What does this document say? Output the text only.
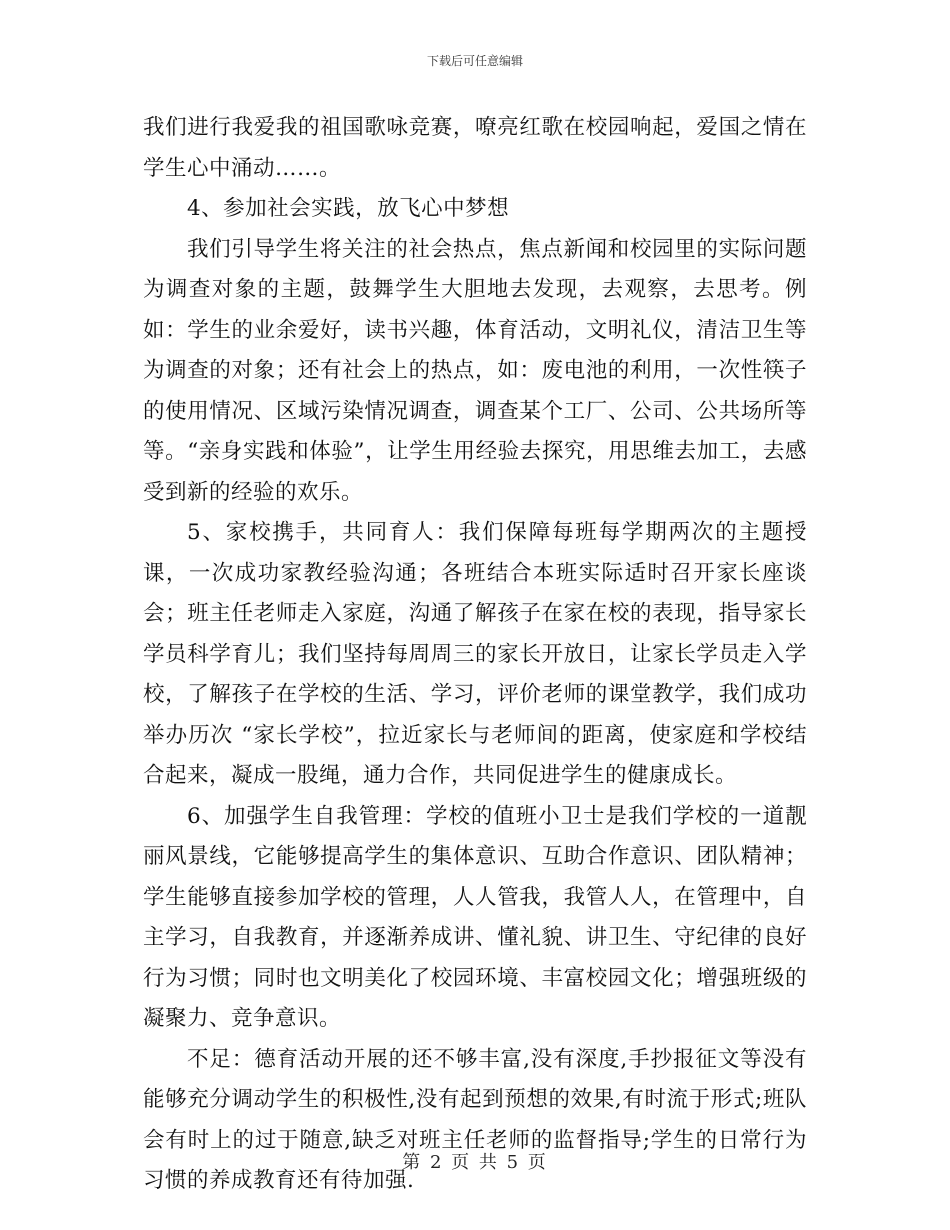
下载后可任意编辑

我们进行我爱我的祖国歌咏竞赛，嘹亮红歌在校园响起，爱国之情在学生心中涌动……。

4、参加社会实践，放飞心中梦想

我们引导学生将关注的社会热点，焦点新闻和校园里的实际问题为调查对象的主题，鼓舞学生大胆地去发现，去观察，去思考。例如：学生的业余爱好，读书兴趣，体育活动，文明礼仪，清洁卫生等为调查的对象；还有社会上的热点，如：废电池的利用，一次性筷子的使用情况、区域污染情况调查，调查某个工厂、公司、公共场所等等。“亲身实践和体验”，让学生用经验去探究，用思维去加工，去感受到新的经验的欢乐。

5、家校携手，共同育人：我们保障每班每学期两次的主题授课，一次成功家教经验沟通；各班结合本班实际适时召开家长座谈会；班主任老师走入家庭，沟通了解孩子在家在校的表现，指导家长学员科学育儿；我们坚持每周周三的家长开放日，让家长学员走入学校，了解孩子在学校的生活、学习，评价老师的课堂教学，我们成功举办历次 “家长学校”，拉近家长与老师间的距离，使家庭和学校结合起来，凝成一股绳，通力合作，共同促进学生的健康成长。

6、加强学生自我管理：学校的值班小卫士是我们学校的一道靓丽风景线，它能够提高学生的集体意识、互助合作意识、团队精神；学生能够直接参加学校的管理，人人管我，我管人人，在管理中，自主学习，自我教育，并逐渐养成讲、懂礼貌、讲卫生、守纪律的良好行为习惯；同时也文明美化了校园环境、丰富校园文化；增强班级的凝聚力、竞争意识。

不足：德育活动开展的还不够丰富,没有深度,手抄报征文等没有能够充分调动学生的积极性,没有起到预想的效果,有时流于形式;班队会有时上的过于随意,缺乏对班主任老师的监督指导;学生的日常行为习惯的养成教育还有待加强.

第 2 页 共 5 页
